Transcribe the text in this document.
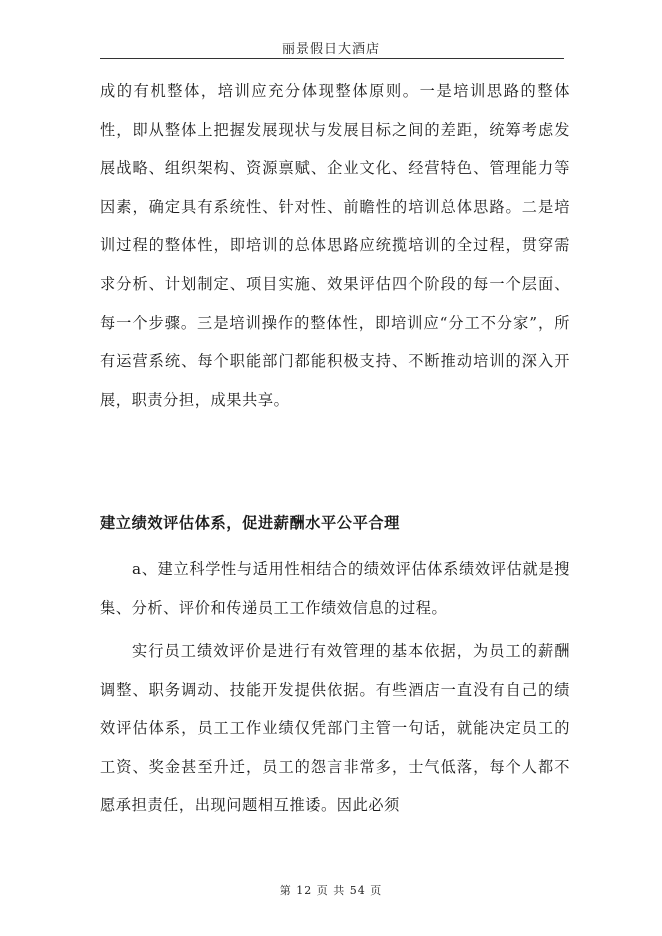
丽景假日大酒店
成的有机整体，培训应充分体现整体原则。一是培训思路的整体性，即从整体上把握发展现状与发展目标之间的差距，统筹考虑发展战略、组织架构、资源禀赋、企业文化、经营特色、管理能力等因素，确定具有系统性、针对性、前瞻性的培训总体思路。二是培训过程的整体性，即培训的总体思路应统揽培训的全过程，贯穿需求分析、计划制定、项目实施、效果评估四个阶段的每一个层面、每一个步骤。三是培训操作的整体性，即培训应“分工不分家”，所有运营系统、每个职能部门都能积极支持、不断推动培训的深入开展，职责分担，成果共享。
建立绩效评估体系，促进薪酬水平公平合理
a、建立科学性与适用性相结合的绩效评估体系绩效评估就是搜集、分析、评价和传递员工工作绩效信息的过程。
实行员工绩效评价是进行有效管理的基本依据，为员工的薪酬调整、职务调动、技能开发提供依据。有些酒店一直没有自己的绩效评估体系，员工工作业绩仅凭部门主管一句话，就能决定员工的工资、奖金甚至升迁，员工的怨言非常多，士气低落，每个人都不愿承担责任，出现问题相互推诿。因此必须
第 12 页 共 54 页
